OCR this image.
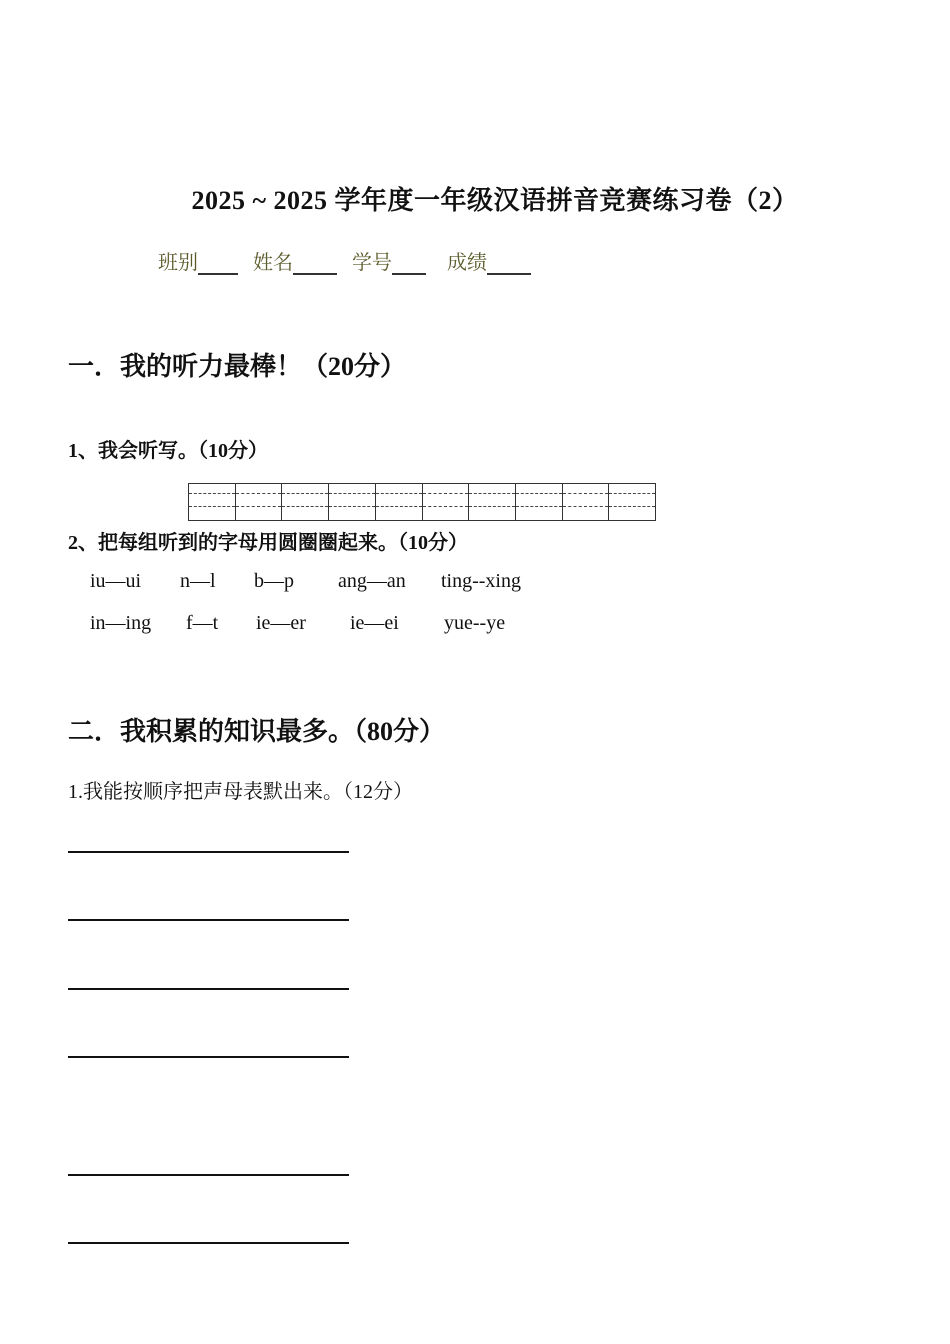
2025 ~ 2025 学年度一年级汉语拼音竞赛练习卷（2）
班别	姓名	学号	成绩
一．我的听力最棒！（20分）
1、我会听写。（10分）
2、把每组听到的字母用圆圈圈起来。（10分）
iu—ui n—l b—p ang—an ting--xing
in—ing f—t ie—er ie—ei yue--ye
二．我积累的知识最多。（80分）
1.我能按顺序把声母表默出来。（12分）
